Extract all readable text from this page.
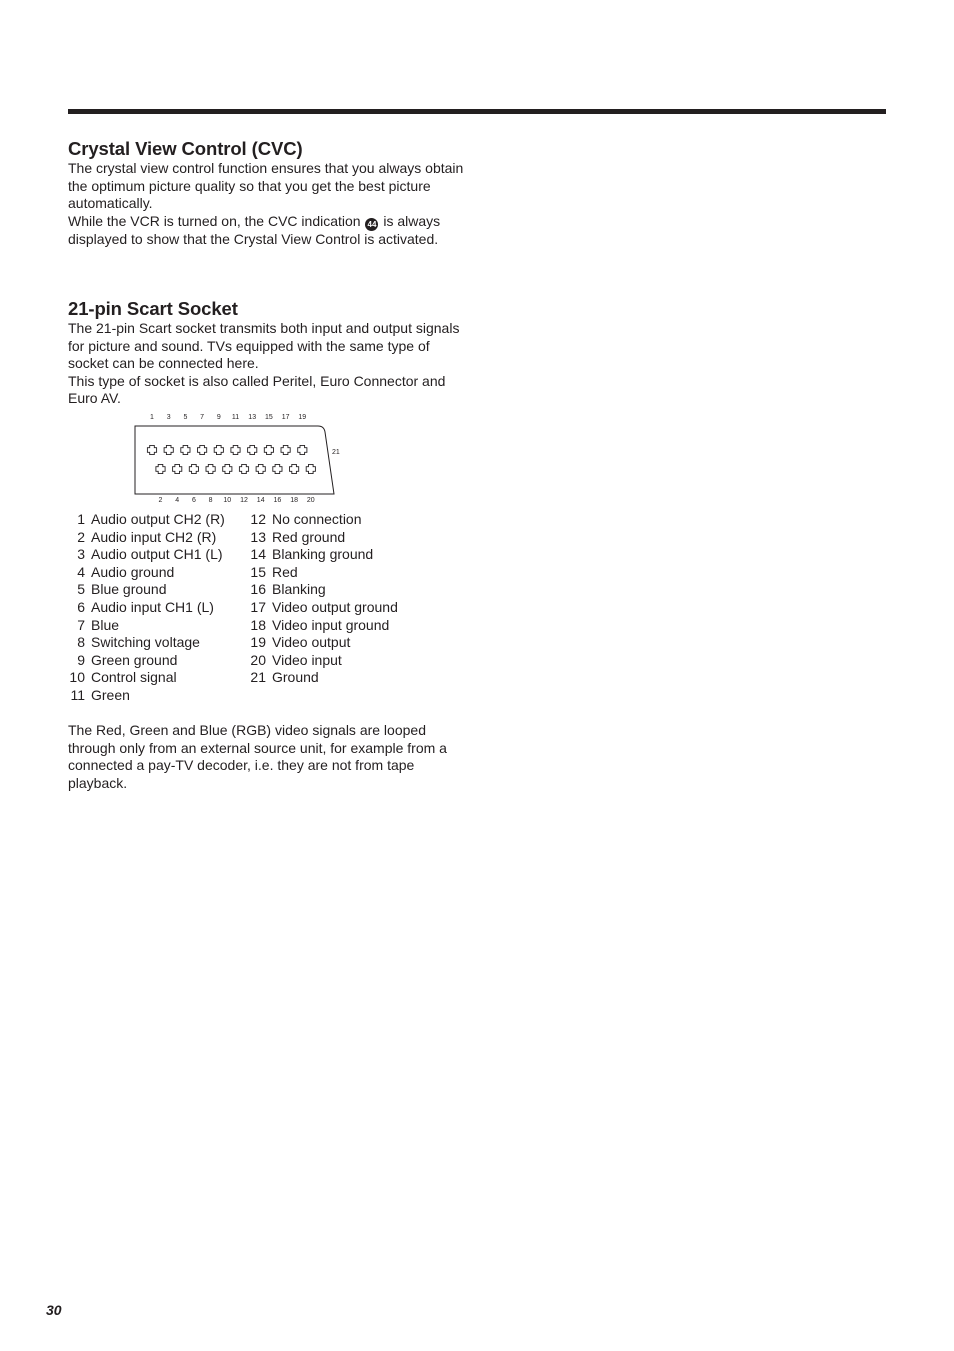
Crystal View Control (CVC)

The crystal view control function ensures that you always obtain the optimum picture quality so that you get the best picture automatically.

While the VCR is turned on, the CVC indication 44 is always displayed to show that the Crystal View Control is activated.

21-pin Scart Socket

The 21-pin Scart socket transmits both input and output signals for picture and sound. TVs equipped with the same type of socket can be connected here.

This type of socket is also called Peritel, Euro Connector and Euro AV.

1 3 5 7 9 11 13 15 17 19
2 4 6 8 10 12 14 16 18 20
21
1 Audio output CH2 (R)
2 Audio input CH2 (R)
3 Audio output CH1 (L)
4 Audio ground
5 Blue ground
6 Audio input CH1 (L)
7 Blue
8 Switching voltage
9 Green ground
10 Control signal
11 Green
12 No connection
13 Red ground
14 Blanking ground
15 Red
16 Blanking
17 Video output ground
18 Video input ground
19 Video output
20 Video input
21 Ground

The Red, Green and Blue (RGB) video signals are looped through only from an external source unit, for example from a connected a pay-TV decoder, i.e. they are not from tape playback.

30
